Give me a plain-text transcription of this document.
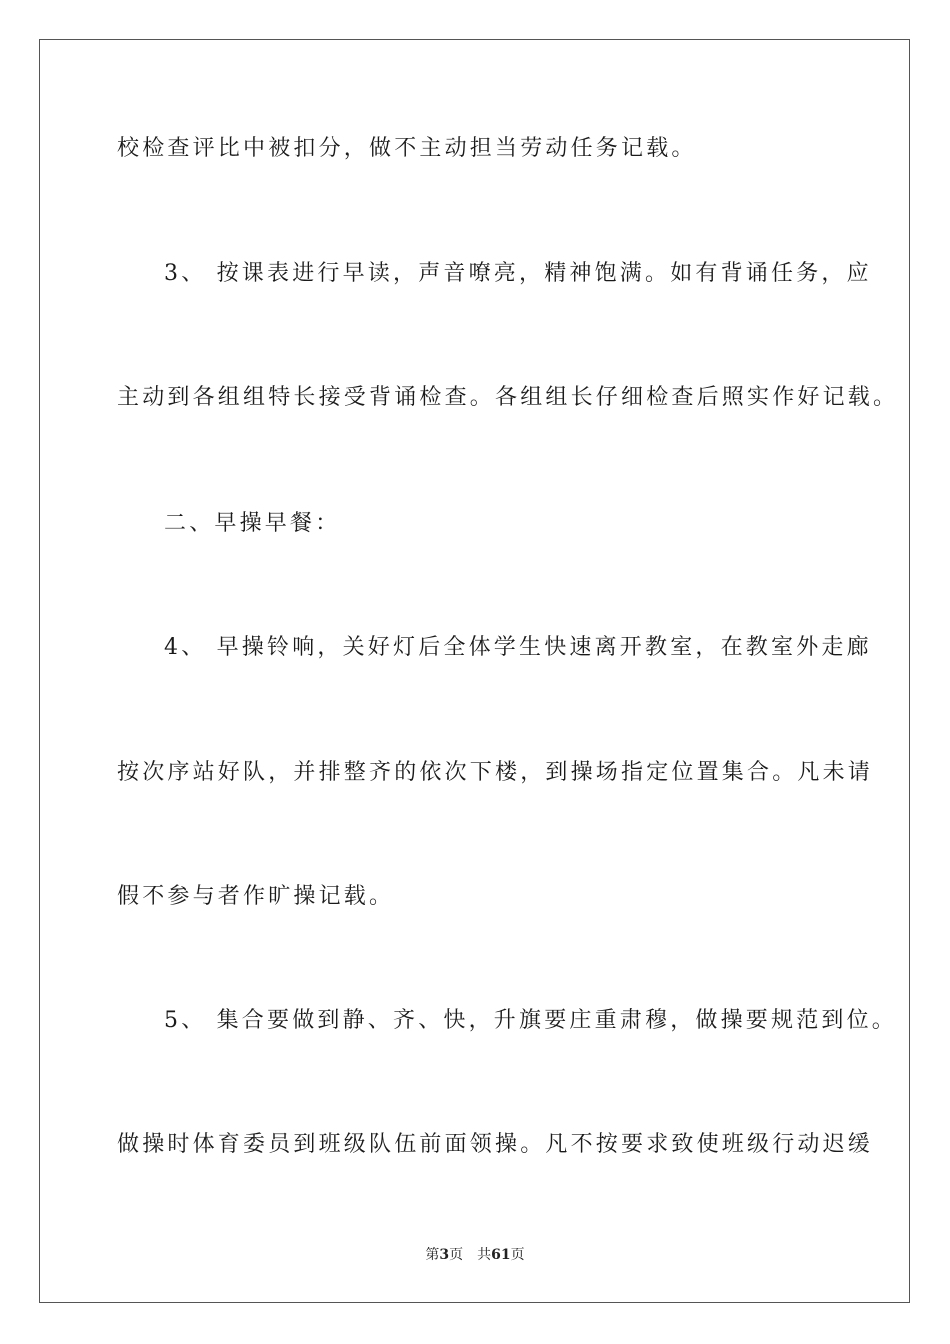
校检查评比中被扣分，做不主动担当劳动任务记载。
3、 按课表进行早读，声音嘹亮，精神饱满。如有背诵任务，应
主动到各组组特长接受背诵检查。各组组长仔细检查后照实作好记载。
二、早操早餐：
4、 早操铃响，关好灯后全体学生快速离开教室，在教室外走廊
按次序站好队，并排整齐的依次下楼，到操场指定位置集合。凡未请
假不参与者作旷操记载。
5、 集合要做到静、齐、快，升旗要庄重肃穆，做操要规范到位。
做操时体育委员到班级队伍前面领操。凡不按要求致使班级行动迟缓
第3页 共61页
